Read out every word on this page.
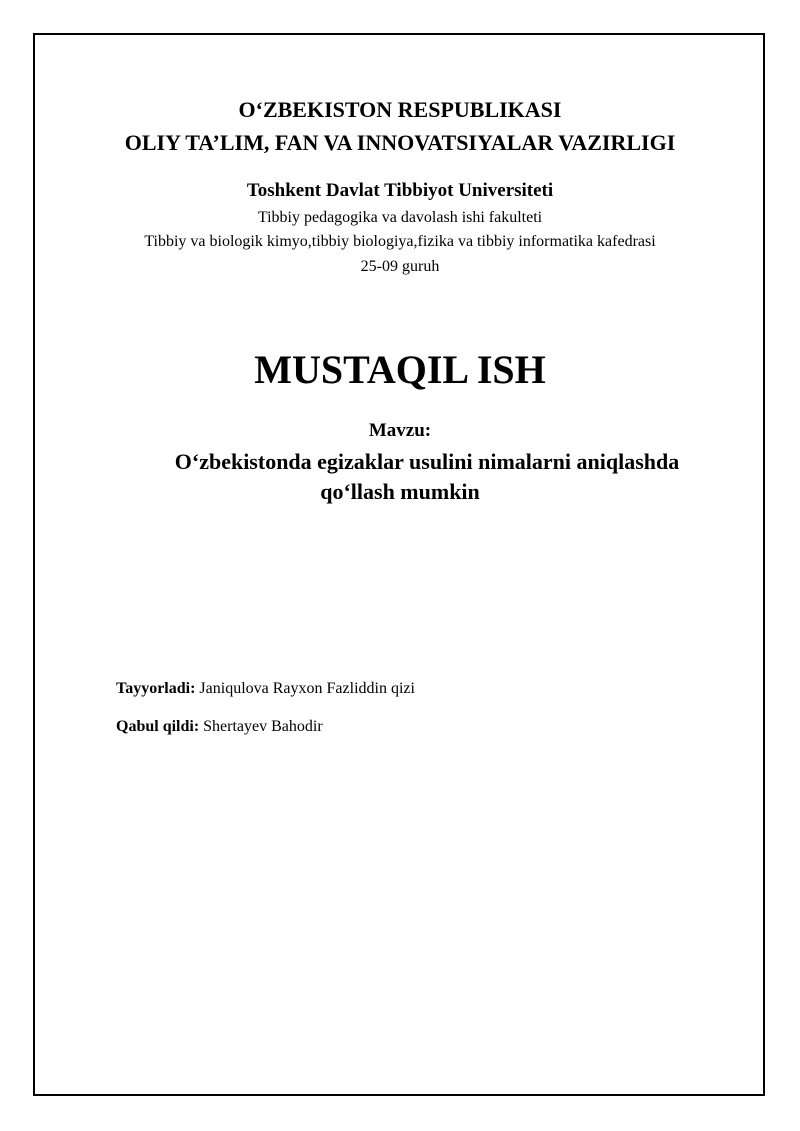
O‘ZBEKISTON RESPUBLIKASI
OLIY TA’LIM, FAN VA INNOVATSIYALAR VAZIRLIGI
Toshkent Davlat Tibbiyot Universiteti
Tibbiy pedagogika va davolash ishi fakulteti
Tibbiy va biologik kimyo,tibbiy biologiya,fizika va tibbiy informatika kafedrasi
25-09 guruh
MUSTAQIL ISH
Mavzu:
O‘zbekistonda egizaklar usulini nimalarni aniqlashda
qo‘llash mumkin
Tayyorladi: Janiqulova Rayxon Fazliddin qizi
Qabul qildi: Shertayev Bahodir
